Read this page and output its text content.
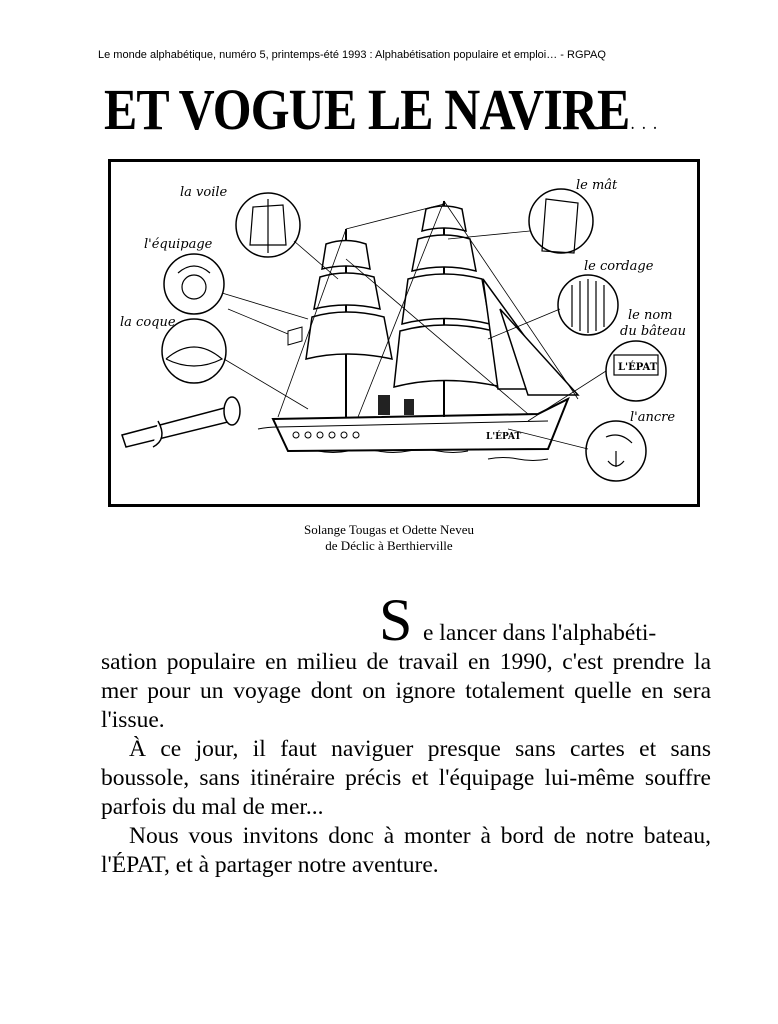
Le monde alphabétique, numéro 5, printemps-été 1993 : Alphabétisation populaire et emploi… - RGPAQ
ET VOGUE LE NAVIRE . . .
L'ÉPAT
L'ÉPAT
la voile
l'équipage
la coque
le mât
le cordage
le nom
du bâteau
l'ancre
Solange Tougas et Odette Neveu
de Déclic à Berthierville
S e lancer dans l'alphabéti-

sation populaire en milieu de travail en 1990, c'est prendre la mer pour un voyage dont on ignore totalement quelle en sera l'issue.

À ce jour, il faut naviguer presque sans cartes et sans boussole, sans itinéraire précis et l'équipage lui-même souffre parfois du mal de mer...

Nous vous invitons donc à monter à bord de notre bateau, l'ÉPAT, et à partager notre aventure.
